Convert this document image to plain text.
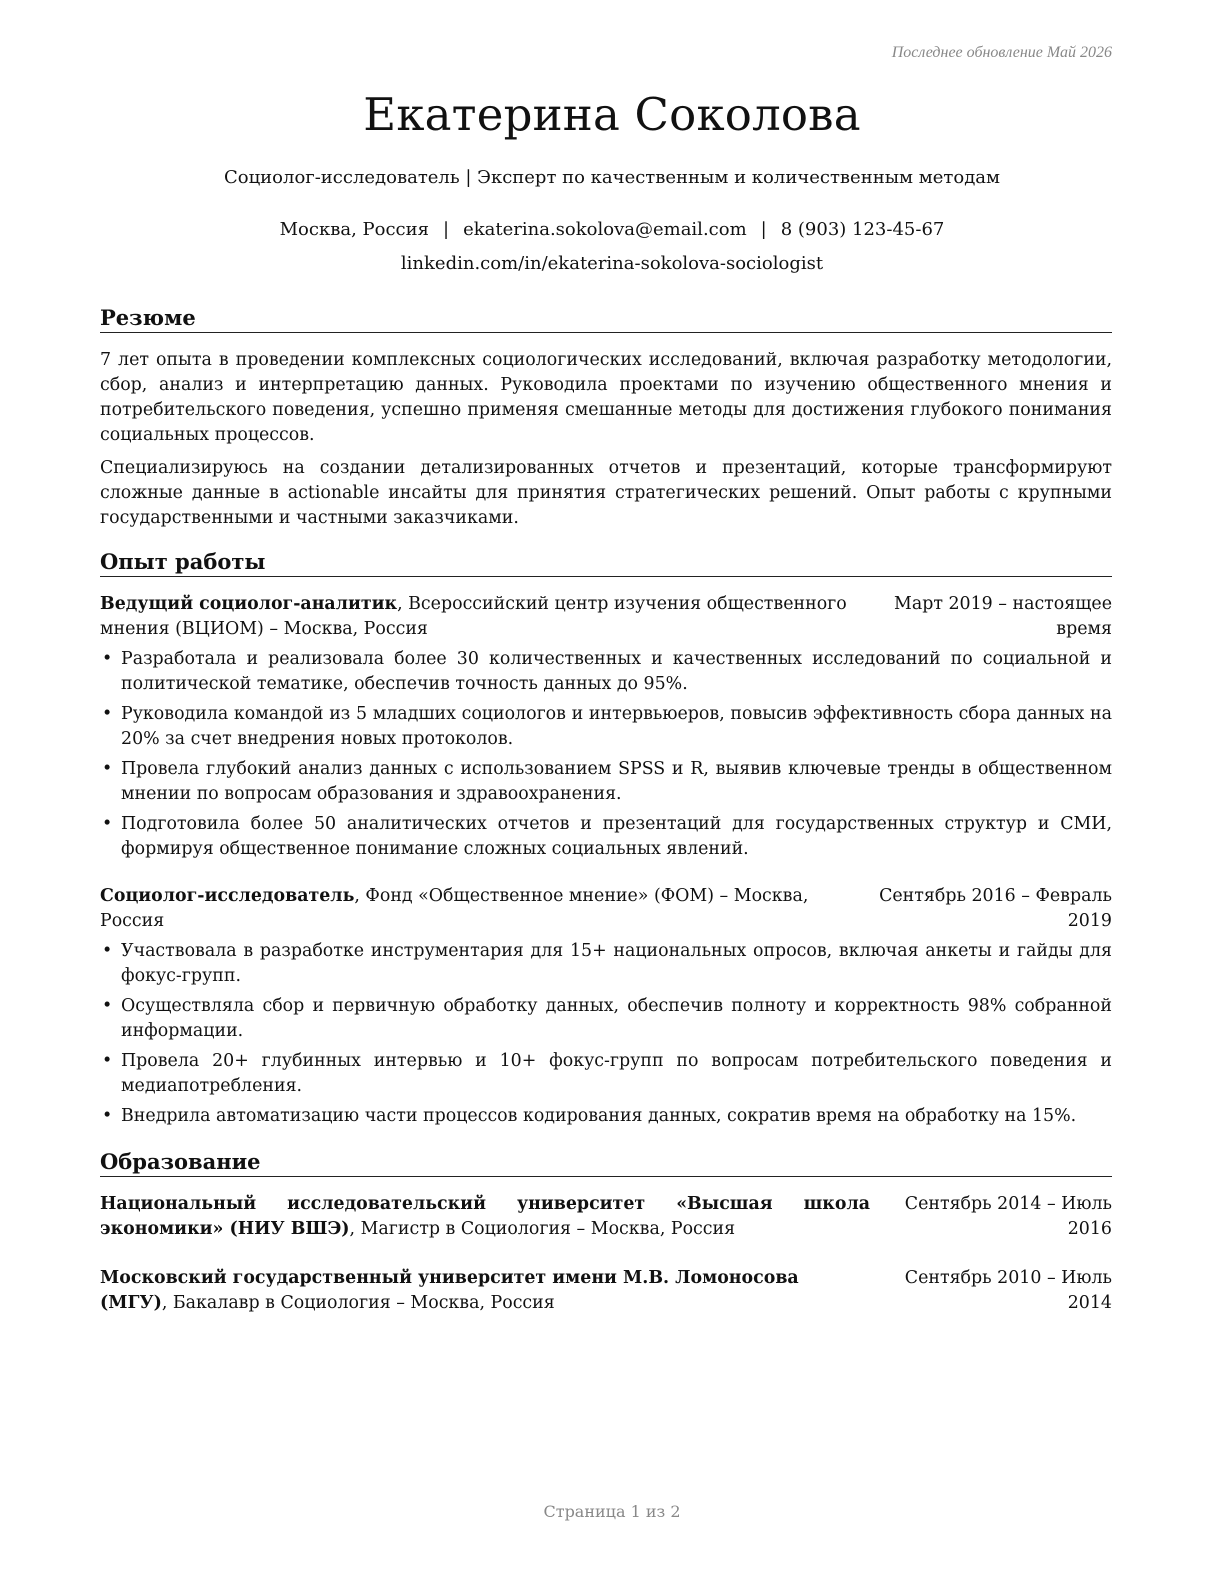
Последнее обновление Май 2026
Екатерина Соколова
Социолог-исследователь | Эксперт по качественным и количественным методам
Москва, Россия | ekaterina.sokolova@email.com | 8 (903) 123-45-67
linkedin.com/in/ekaterina-sokolova-sociologist
Резюме

7 лет опыта в проведении комплексных социологических исследований, включая разработку методологии, сбор, анализ и интерпретацию данных. Руководила проектами по изучению общественного мнения и потребительского поведения, успешно применяя смешанные методы для достижения глубокого понимания социальных процессов.

Специализируюсь на создании детализированных отчетов и презентаций, которые трансформируют сложные данные в actionable инсайты для принятия стратегических решений. Опыт работы с крупными государственными и частными заказчиками.

Опыт работы
Ведущий социолог-аналитик, Всероссийский центр изучения общественного мнения (ВЦИОМ) – Москва, Россия
Март 2019 – настоящее время
• Разработала и реализовала более 30 количественных и качественных исследований по социальной и политической тематике, обеспечив точность данных до 95%.
• Руководила командой из 5 младших социологов и интервьюеров, повысив эффективность сбора данных на 20% за счет внедрения новых протоколов.
• Провела глубокий анализ данных с использованием SPSS и R, выявив ключевые тренды в общественном мнении по вопросам образования и здравоохранения.
• Подготовила более 50 аналитических отчетов и презентаций для государственных структур и СМИ, формируя общественное понимание сложных социальных явлений.
Социолог-исследователь, Фонд «Общественное мнение» (ФОМ) – Москва, Россия
Сентябрь 2016 – Февраль 2019
• Участвовала в разработке инструментария для 15+ национальных опросов, включая анкеты и гайды для фокус-групп.
• Осуществляла сбор и первичную обработку данных, обеспечив полноту и корректность 98% собранной информации.
• Провела 20+ глубинных интервью и 10+ фокус-групп по вопросам потребительского поведения и медиапотребления.
• Внедрила автоматизацию части процессов кодирования данных, сократив время на обработку на 15%.
Образование
Национальный исследовательский университет «Высшая школа экономики» (НИУ ВШЭ), Магистр в Социология – Москва, Россия
Сентябрь 2014 – Июль 2016
Московский государственный университет имени М.В. Ломоносова (МГУ), Бакалавр в Социология – Москва, Россия
Сентябрь 2010 – Июль 2014
Страница 1 из 2
